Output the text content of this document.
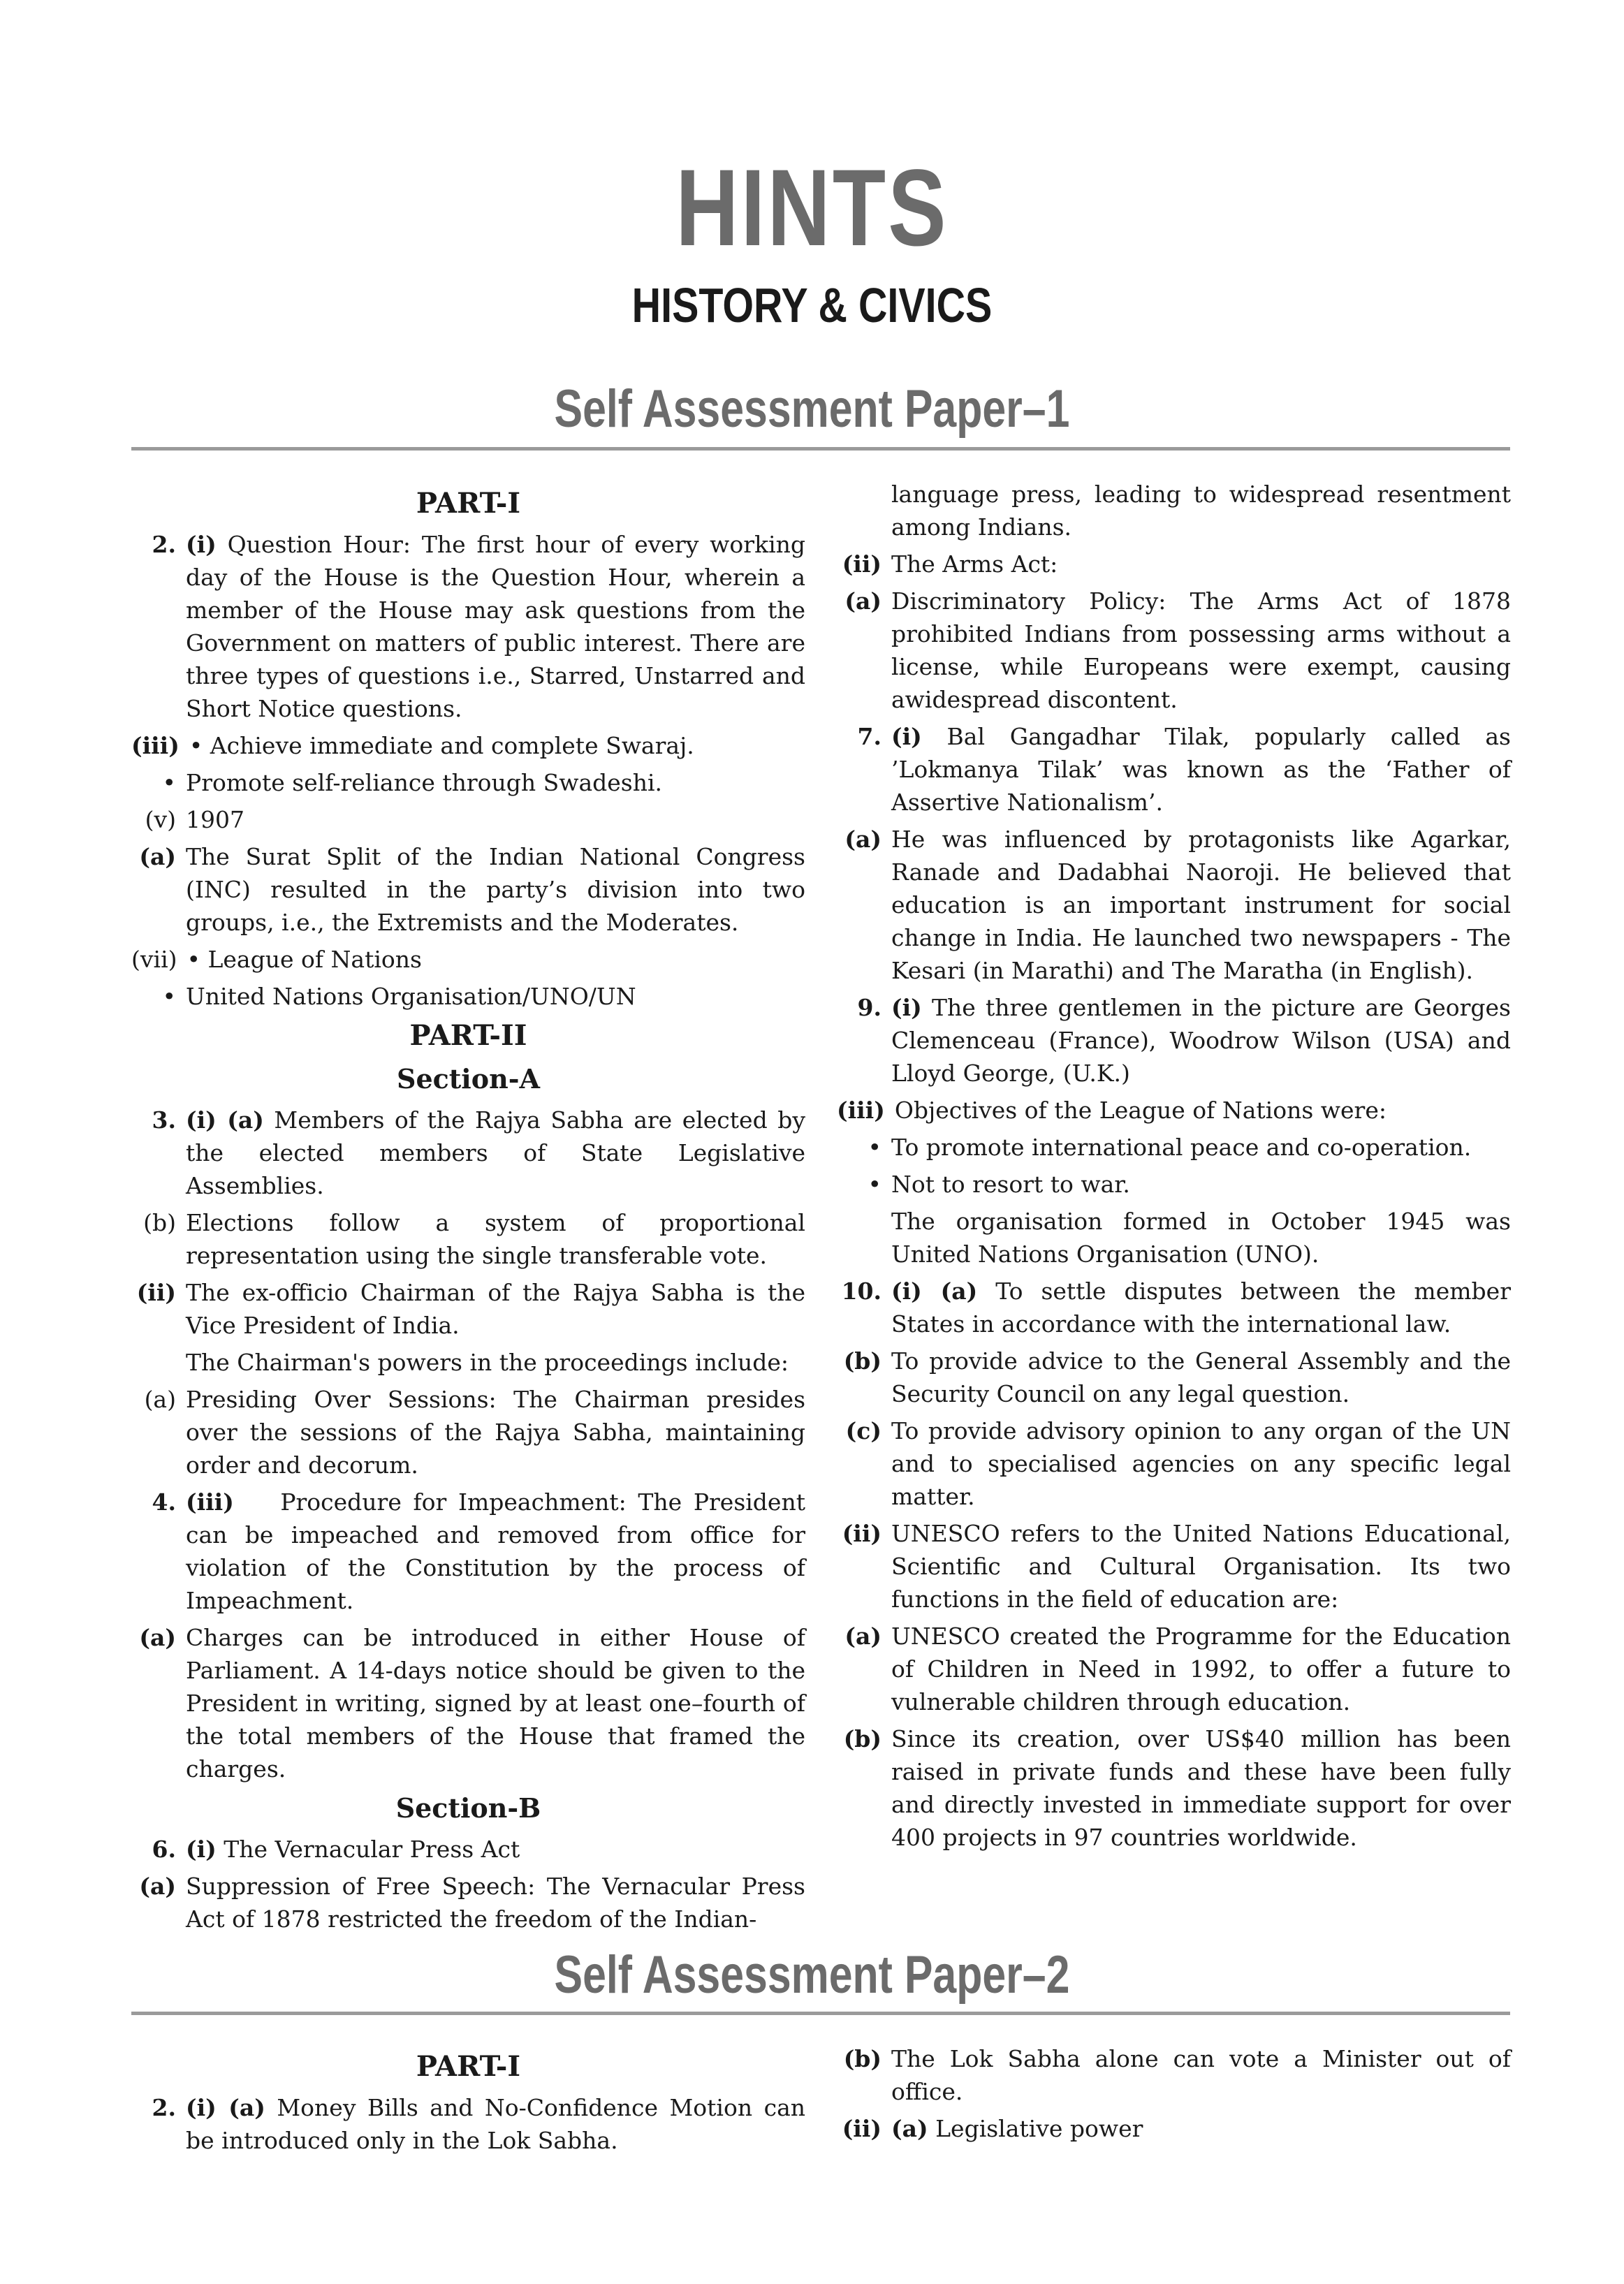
HINTS
HISTORY & CIVICS
Self Assessment Paper–1
PART-I
2. (i) Question Hour: The first hour of every working day of the House is the Question Hour, wherein a member of the House may ask questions from the Government on matters of public interest. There are three types of questions i.e., Starred, Unstarred and Short Notice questions.
(iii) • Achieve immediate and complete Swaraj.
• Promote self-reliance through Swadeshi.
(v) 1907
(a) The Surat Split of the Indian National Congress (INC) resulted in the party’s division into two groups, i.e., the Extremists and the Moderates.
(vii) • League of Nations
• United Nations Organisation/UNO/UN
PART-II
Section-A
3. (i) (a) Members of the Rajya Sabha are elected by the elected members of State Legislative Assemblies.
(b) Elections follow a system of proportional representation using the single transferable vote.
(ii) The ex-officio Chairman of the Rajya Sabha is the Vice President of India.
The Chairman's powers in the proceedings include:
(a) Presiding Over Sessions: The Chairman presides over the sessions of the Rajya Sabha, maintaining order and decorum.
4. (iii) Procedure for Impeachment: The President can be impeached and removed from office for violation of the Constitution by the process of Impeachment.
(a) Charges can be introduced in either House of Parliament. A 14-days notice should be given to the President in writing, signed by at least one–fourth of the total members of the House that framed the charges.
Section-B
6. (i) The Vernacular Press Act
(a) Suppression of Free Speech: The Vernacular Press Act of 1878 restricted the freedom of the Indian-
language press, leading to widespread resentment among Indians.
(ii) The Arms Act:
(a) Discriminatory Policy: The Arms Act of 1878 prohibited Indians from possessing arms without a license, while Europeans were exempt, causing awidespread discontent.
7. (i) Bal Gangadhar Tilak, popularly called as ’Lokmanya Tilak’ was known as the ‘Father of Assertive Nationalism’.
(a) He was influenced by protagonists like Agarkar, Ranade and Dadabhai Naoroji. He believed that education is an important instrument for social change in India. He launched two newspapers - The Kesari (in Marathi) and The Maratha (in English).
9. (i) The three gentlemen in the picture are Georges Clemenceau (France), Woodrow Wilson (USA) and Lloyd George, (U.K.)
(iii) Objectives of the League of Nations were:
• To promote international peace and co-operation.
• Not to resort to war.
The organisation formed in October 1945 was United Nations Organisation (UNO).
10. (i) (a) To settle disputes between the member States in accordance with the international law.
(b) To provide advice to the General Assembly and the Security Council on any legal question.
(c) To provide advisory opinion to any organ of the UN and to specialised agencies on any specific legal matter.
(ii) UNESCO refers to the United Nations Educational, Scientific and Cultural Organisation. Its two functions in the field of education are:
(a) UNESCO created the Programme for the Education of Children in Need in 1992, to offer a future to vulnerable children through education.
(b) Since its creation, over US$40 million has been raised in private funds and these have been fully and directly invested in immediate support for over 400 projects in 97 countries worldwide.
Self Assessment Paper–2
PART-I
2. (i) (a) Money Bills and No-Confidence Motion can be introduced only in the Lok Sabha.
(b) The Lok Sabha alone can vote a Minister out of office.
(ii) (a) Legislative power
